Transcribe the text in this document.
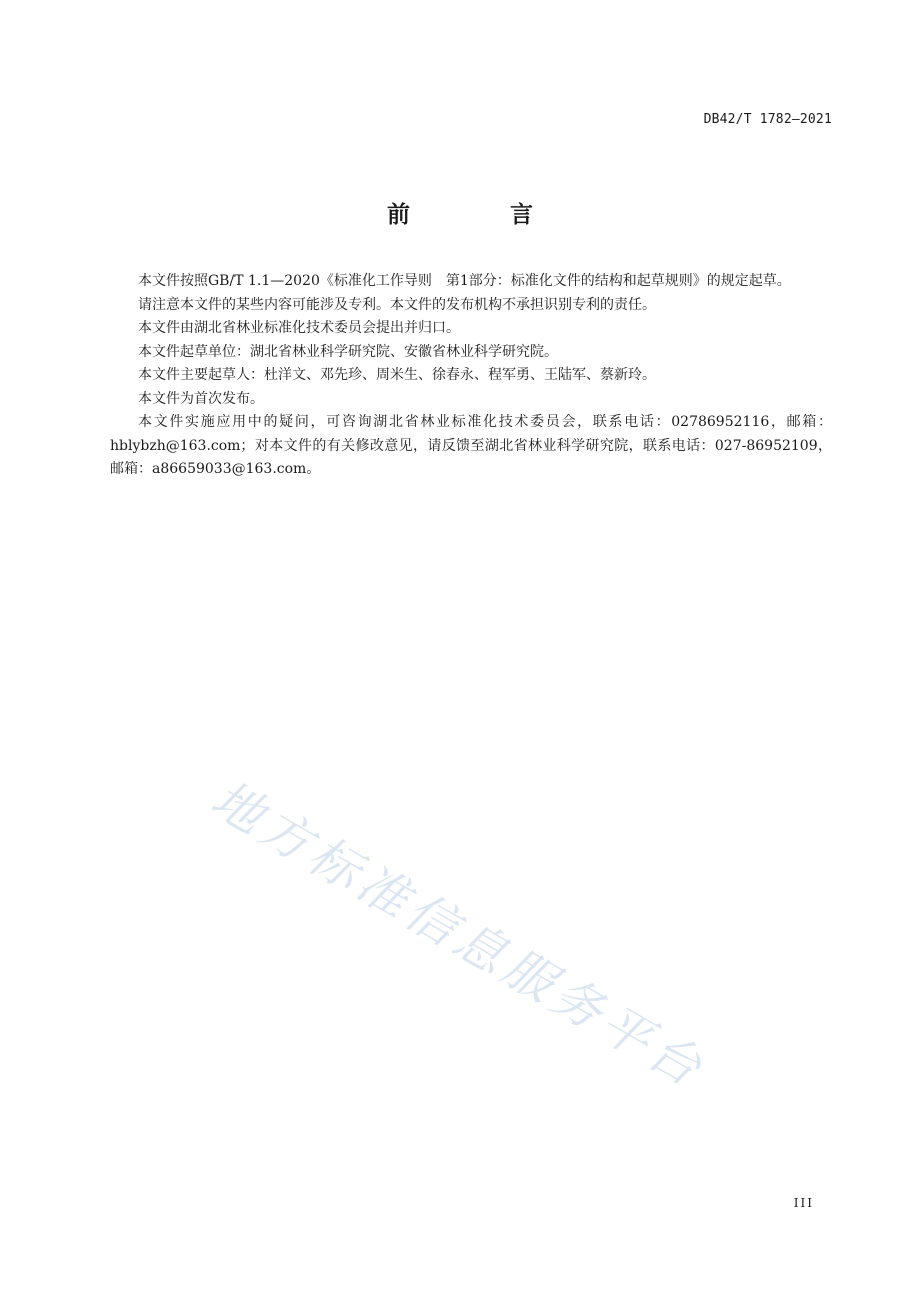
DB42/T 1782—2021
前 言

本文件按照GB/T 1.1—2020《标准化工作导则　第1部分：标准化文件的结构和起草规则》的规定起草。

请注意本文件的某些内容可能涉及专利。本文件的发布机构不承担识别专利的责任。

本文件由湖北省林业标准化技术委员会提出并归口。

本文件起草单位：湖北省林业科学研究院、安徽省林业科学研究院。

本文件主要起草人：杜洋文、邓先珍、周米生、徐春永、程军勇、王陆军、蔡新玲。

本文件为首次发布。

本文件实施应用中的疑问，可咨询湖北省林业标准化技术委员会，联系电话：02786952116，邮箱：hblybzh@163.com；对本文件的有关修改意见，请反馈至湖北省林业科学研究院，联系电话：027-86952109，邮箱：a86659033@163.com。

地方标准信息服务平台
III
